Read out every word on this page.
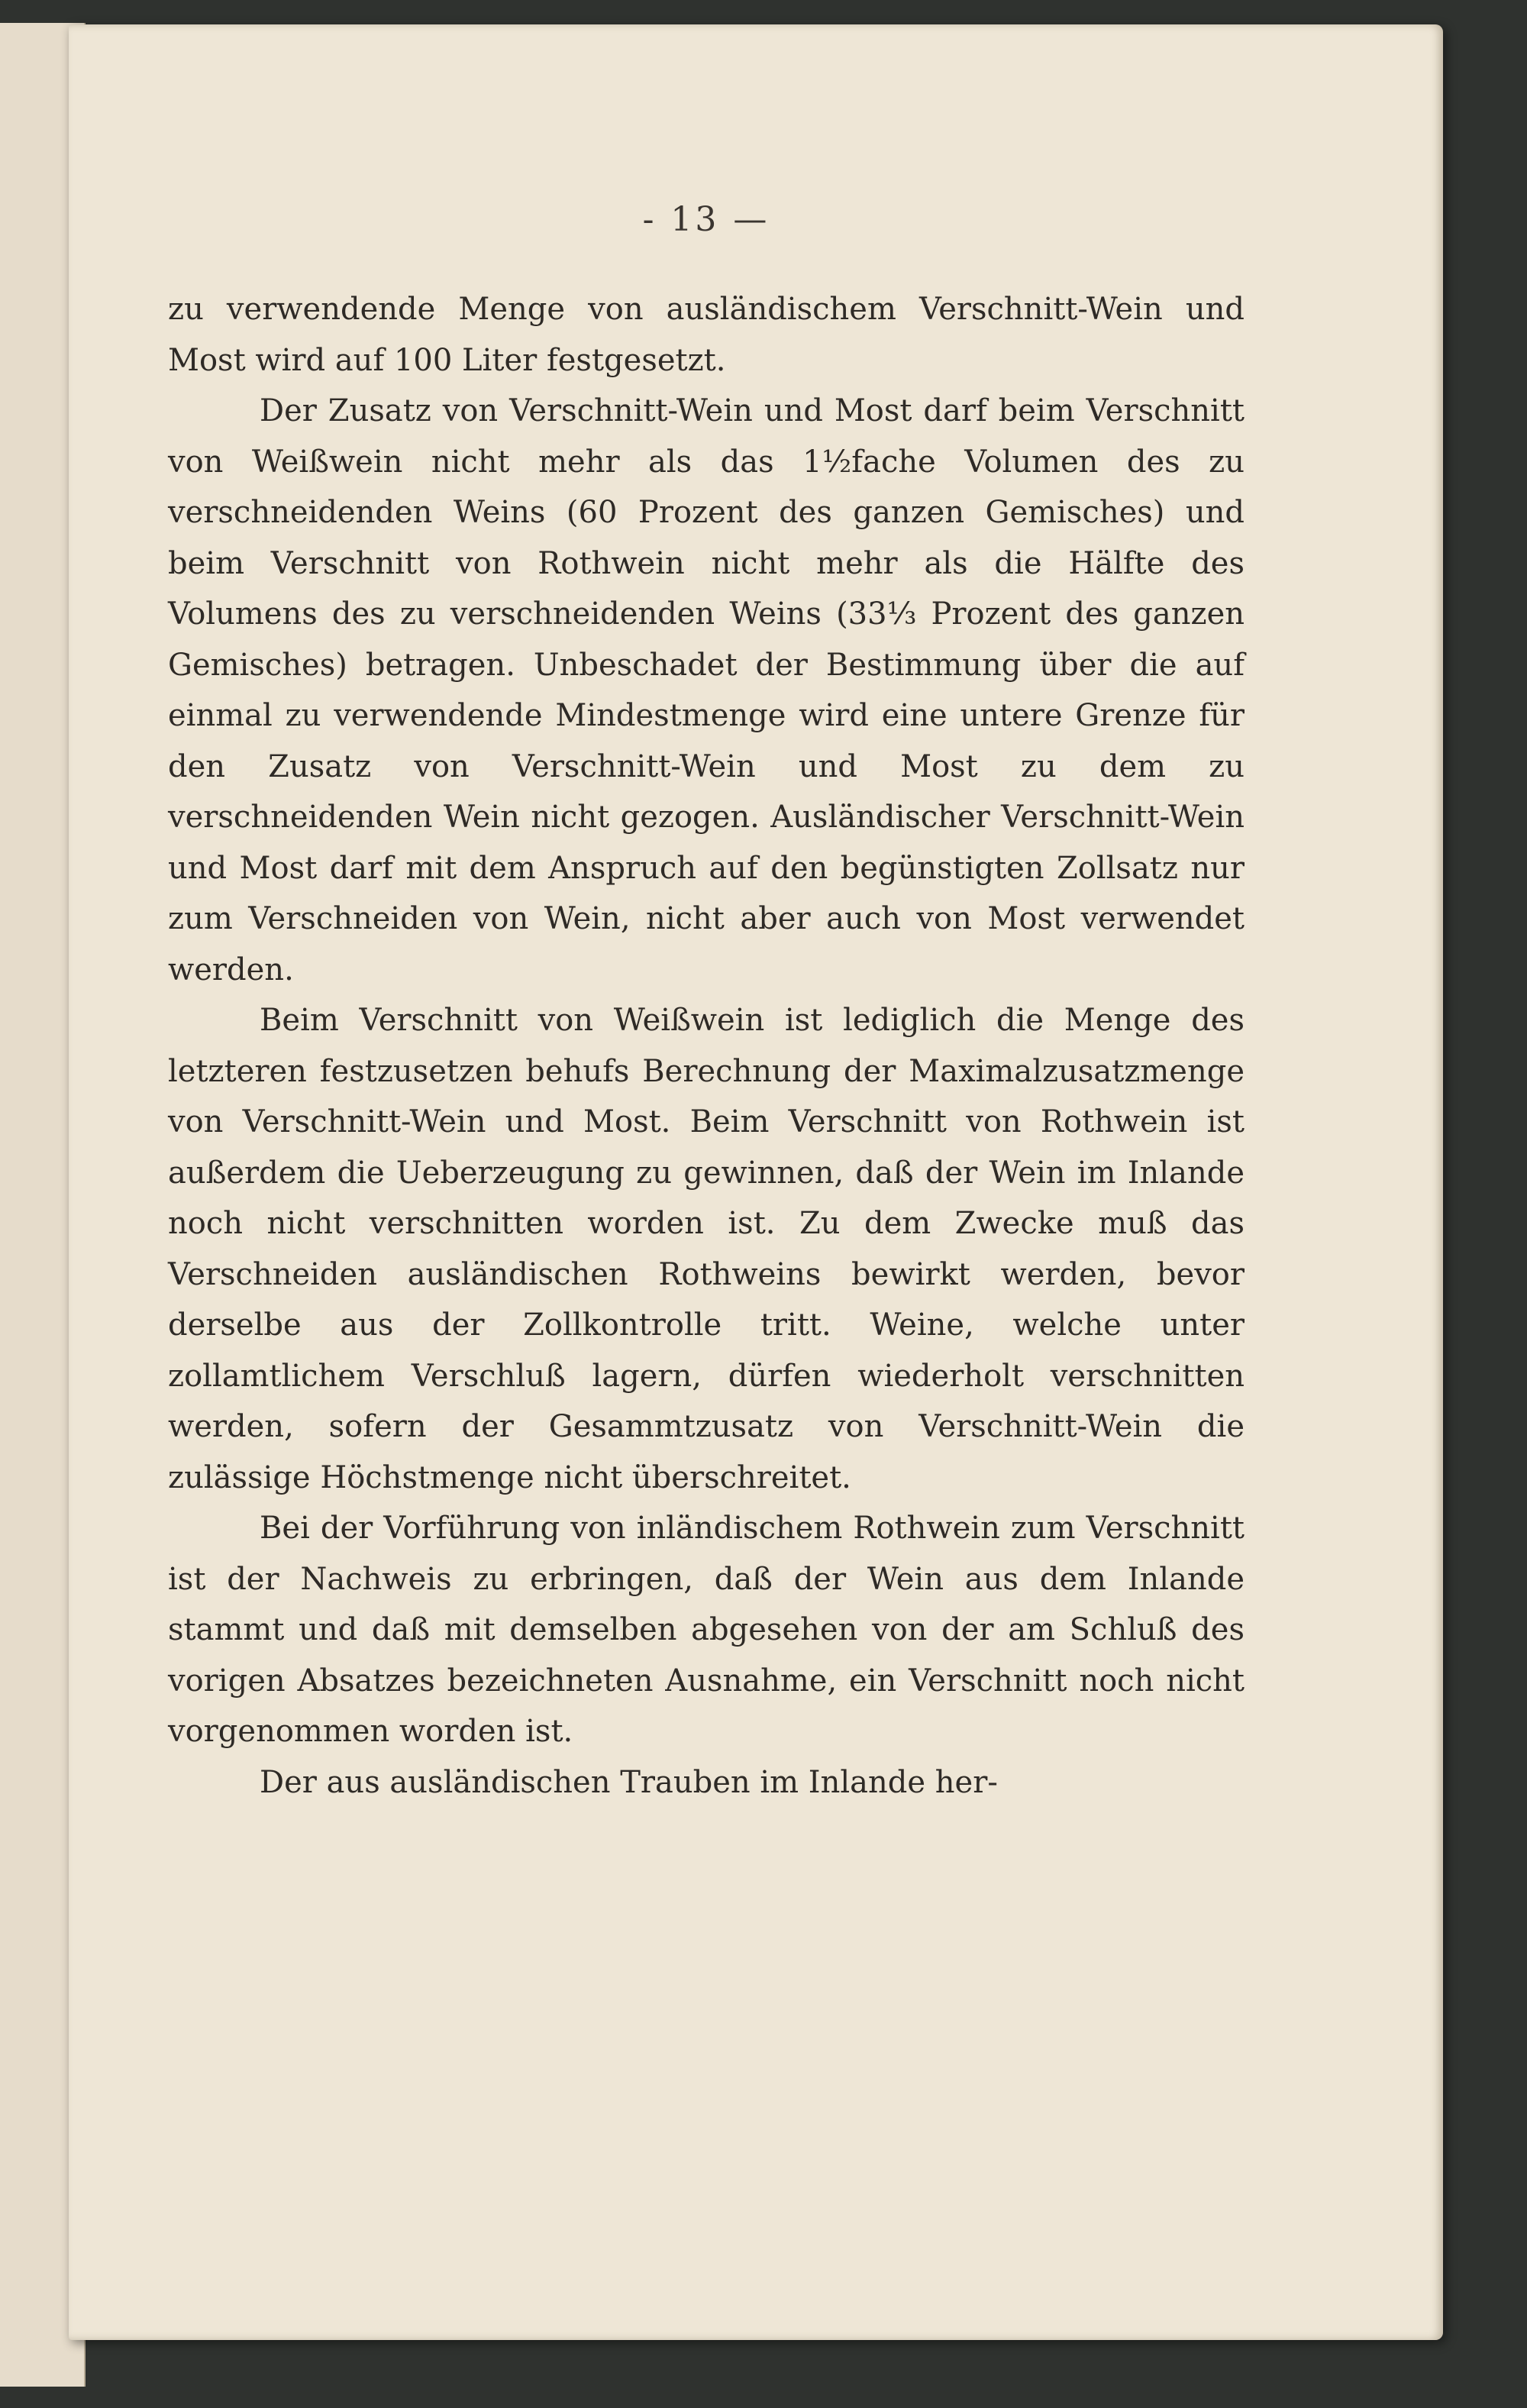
- 13 —

zu verwendende Menge von ausländischem Verschnitt-Wein und Most wird auf 100 Liter festgesetzt.

Der Zusatz von Verschnitt-Wein und Most darf beim Verschnitt von Weißwein nicht mehr als das 1½fache Volumen des zu verschneidenden Weins (60 Prozent des ganzen Gemisches) und beim Verschnitt von Rothwein nicht mehr als die Hälfte des Volumens des zu verschneidenden Weins (33⅓ Prozent des ganzen Gemisches) betragen. Unbeschadet der Bestimmung über die auf einmal zu verwendende Mindestmenge wird eine untere Grenze für den Zusatz von Verschnitt-Wein und Most zu dem zu verschneidenden Wein nicht gezogen. Ausländischer Verschnitt-Wein und Most darf mit dem Anspruch auf den begünstigten Zollsatz nur zum Verschneiden von Wein, nicht aber auch von Most verwendet werden.

Beim Verschnitt von Weißwein ist lediglich die Menge des letzteren festzusetzen behufs Berechnung der Maximalzusatzmenge von Verschnitt-Wein und Most. Beim Verschnitt von Rothwein ist außerdem die Ueberzeugung zu gewinnen, daß der Wein im Inlande noch nicht verschnitten worden ist. Zu dem Zwecke muß das Verschneiden ausländischen Rothweins bewirkt werden, bevor derselbe aus der Zollkontrolle tritt. Weine, welche unter zollamtlichem Verschluß lagern, dürfen wiederholt verschnitten werden, sofern der Gesammtzusatz von Verschnitt-Wein die zulässige Höchstmenge nicht überschreitet.

Bei der Vorführung von inländischem Rothwein zum Verschnitt ist der Nachweis zu erbringen, daß der Wein aus dem Inlande stammt und daß mit demselben abgesehen von der am Schluß des vorigen Absatzes bezeichneten Ausnahme, ein Verschnitt noch nicht vorgenommen worden ist.

Der aus ausländischen Trauben im Inlande her-
